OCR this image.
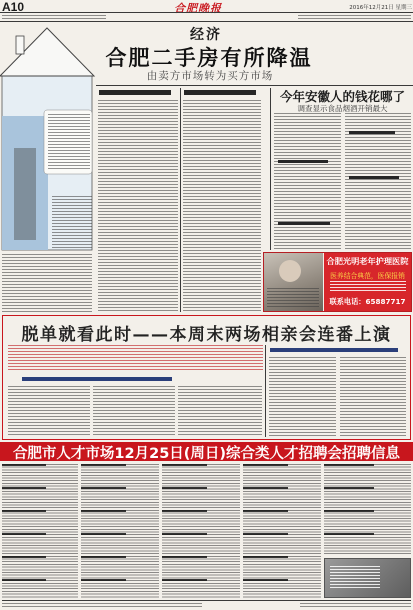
A10	合肥晚报	2016年12月21日 星期三
经济
合肥二手房有所降温
由卖方市场转为买方市场
今年安徽人的钱花哪了
调查显示食品烟酒开销最大
合肥光明老年护理医院
医养结合典范，医保报销
联系电话：65887717
脱单就看此时——本周末两场相亲会连番上演
合肥市人才市场12月25日(周日)综合类人才招聘会招聘信息
